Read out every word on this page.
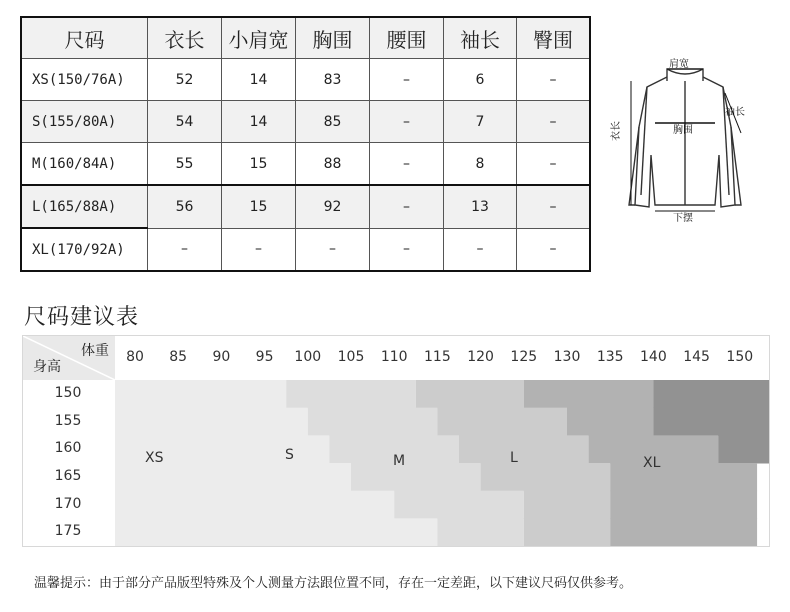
尺码	衣长	小肩宽	胸围	腰围	袖长	臀围
XS(150/76A)	52	14	83	–	6	–
S(155/80A)	54	14	85	–	7	–
M(160/84A)	55	15	88	–	8	–
L(165/88A)	56	15	92	–	13	–
XL(170/92A)	–	–	–	–	–	–
肩宽
袖长
胸围
下摆
衣长
尺码建议表
体重
身高
80	85	90	95	100	105	110	115	120	125	130	135	140	145	150
150
155
160
165
170
175
XS	S	M	L	XL

温馨提示：由于部分产品版型特殊及个人测量方法跟位置不同，存在一定差距，以下建议尺码仅供参考。
